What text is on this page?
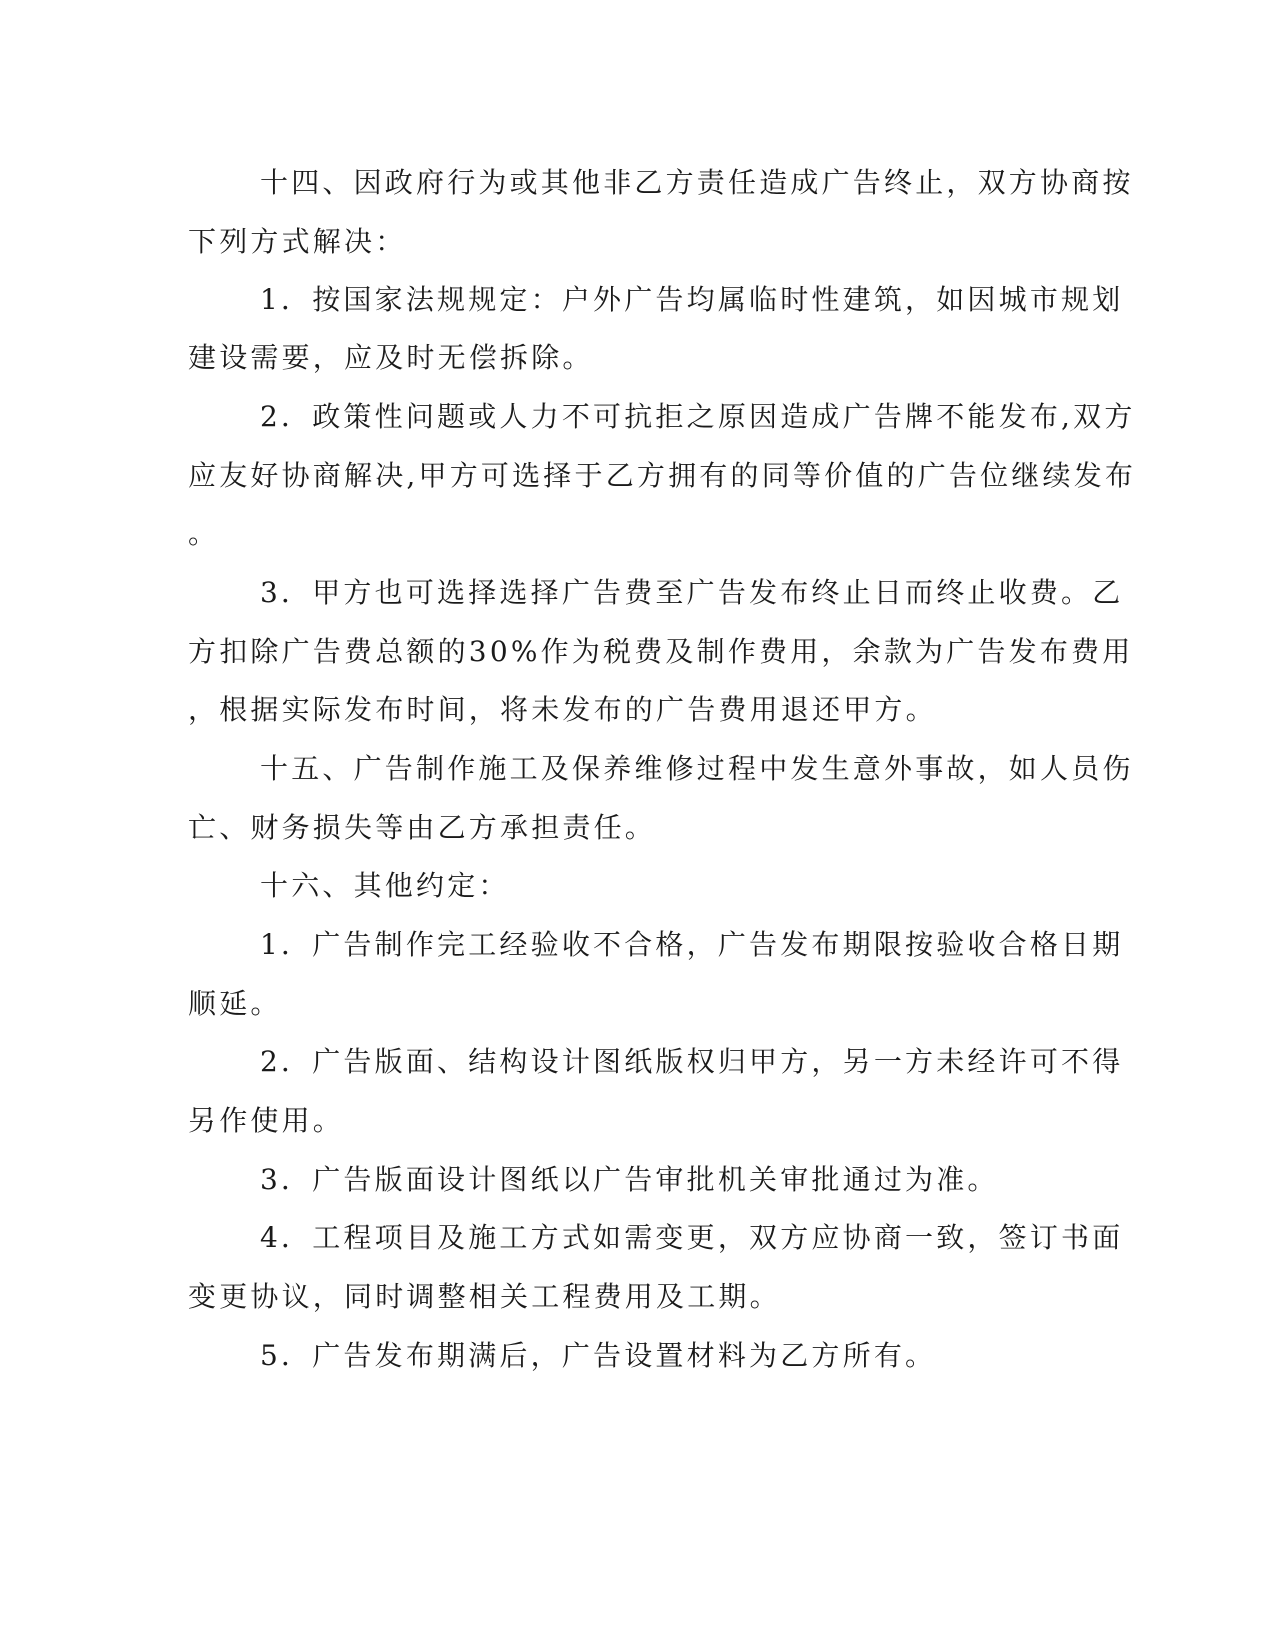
十四、因政府行为或其他非乙方责任造成广告终止，双方协商按
下列方式解决：
1．按国家法规规定：户外广告均属临时性建筑，如因城市规划
建设需要，应及时无偿拆除。
2．政策性问题或人力不可抗拒之原因造成广告牌不能发布,双方
应友好协商解决,甲方可选择于乙方拥有的同等价值的广告位继续发布
。
3．甲方也可选择选择广告费至广告发布终止日而终止收费。乙
方扣除广告费总额的30%作为税费及制作费用，余款为广告发布费用
，根据实际发布时间，将未发布的广告费用退还甲方。
十五、广告制作施工及保养维修过程中发生意外事故，如人员伤
亡、财务损失等由乙方承担责任。
十六、其他约定：
1．广告制作完工经验收不合格，广告发布期限按验收合格日期
顺延。
2．广告版面、结构设计图纸版权归甲方，另一方未经许可不得
另作使用。
3．广告版面设计图纸以广告审批机关审批通过为准。
4．工程项目及施工方式如需变更，双方应协商一致，签订书面
变更协议，同时调整相关工程费用及工期。
5．广告发布期满后，广告设置材料为乙方所有。
